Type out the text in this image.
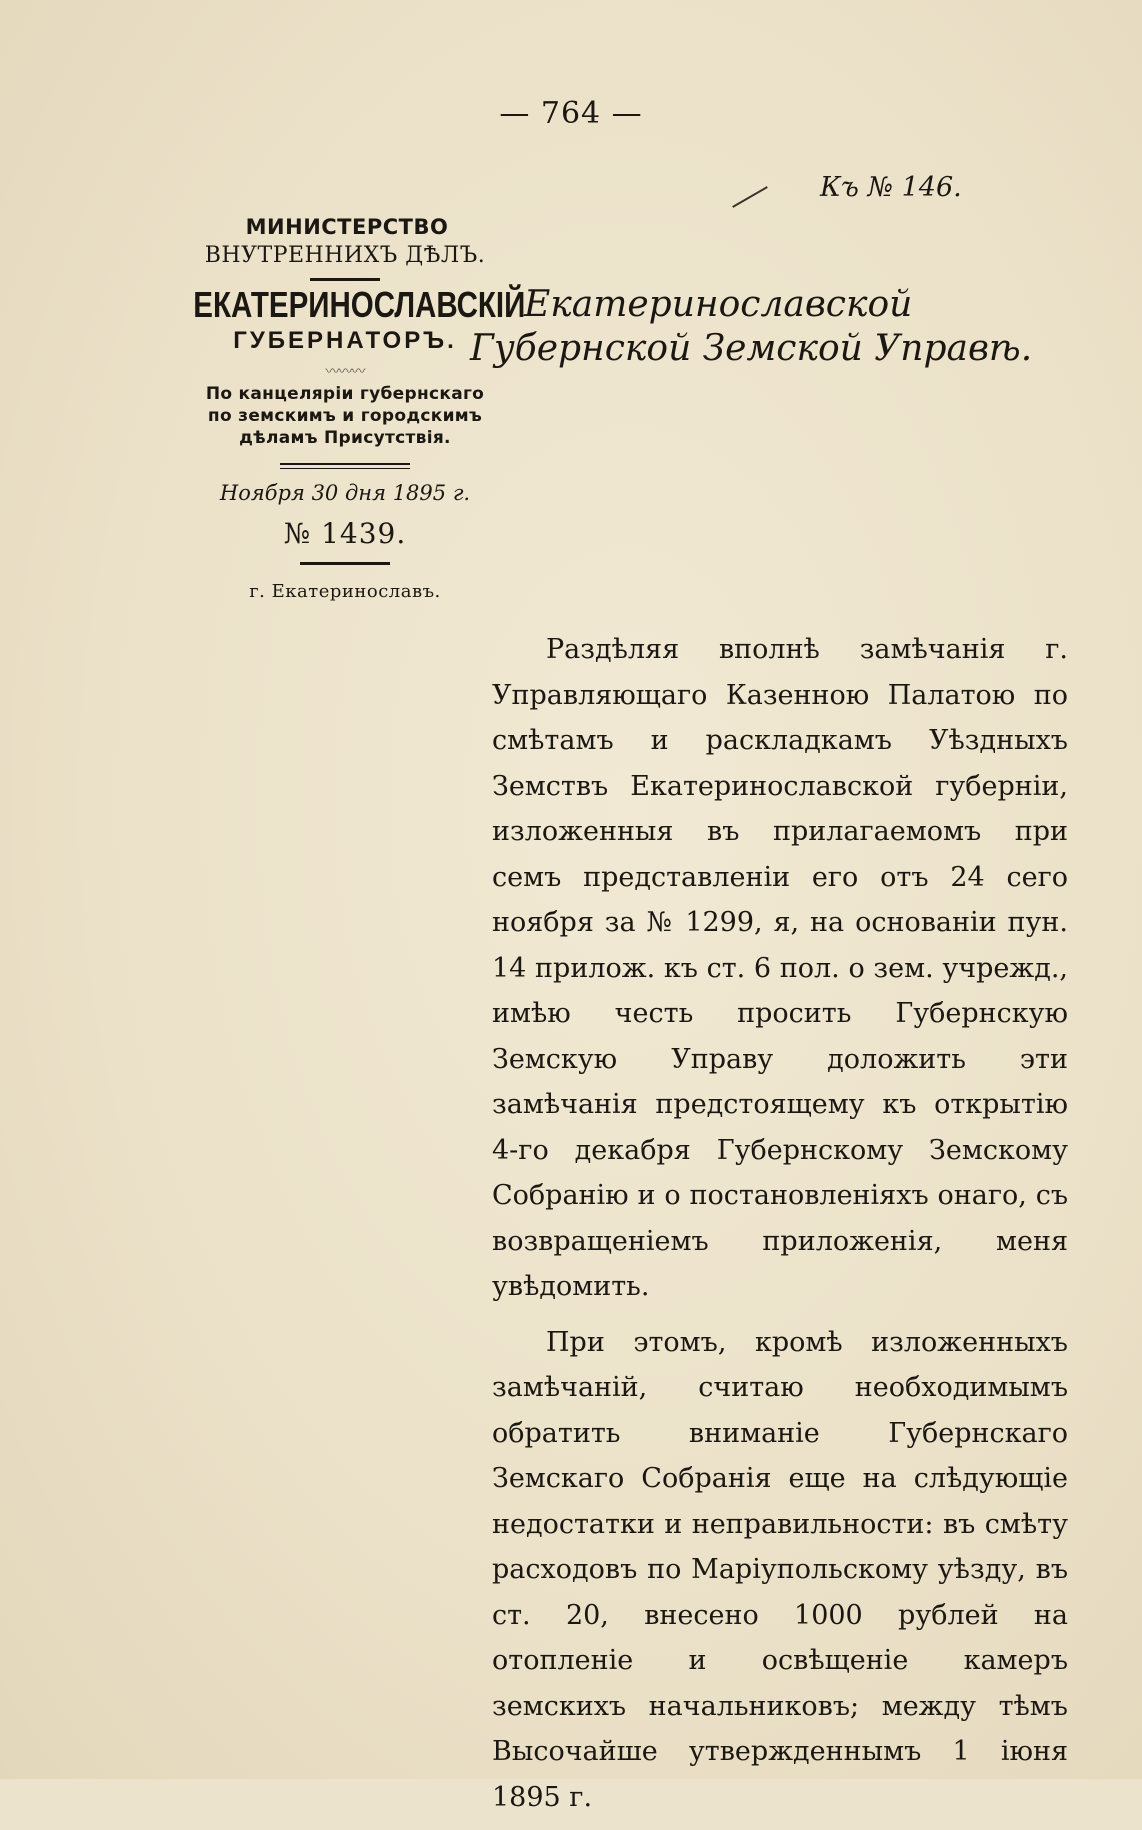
— 764 —
Къ № 146.
МИНИСТЕРСТВО
ВНУТРЕННИХЪ ДѢЛЪ.
ЕКАТЕРИНОСЛАВСКІЙ
ГУБЕРНАТОРЪ.
〰〰〰
По канцеляріи губернскаго
по земскимъ и городскимъ
дѣламъ Присутствія.
Ноября 30 дня 1895 г.
№ 1439.
г. Екатеринославъ.
Екатеринославской Губернской Земской Управѣ.

Раздѣляя вполнѣ замѣчанія г. Управляющаго Казенною Палатою по смѣтамъ и раскладкамъ Уѣздныхъ Земствъ Екатеринославской губерніи, изложенныя въ прилагаемомъ при семъ представленіи его отъ 24 сего ноября за № 1299, я, на основаніи пун. 14 прилож. къ ст. 6 пол. о зем. учрежд., имѣю честь просить Губернскую Земскую Управу доложить эти замѣчанія предстоящему къ открытію 4-го декабря Губернскому Земскому Собранію и о постановленіяхъ онаго, съ возвращеніемъ приложенія, меня увѣдомить.

При этомъ, кромѣ изложенныхъ замѣчаній, считаю необходимымъ обратить вниманіе Губернскаго Земскаго Собранія еще на слѣдующіе недостатки и неправильности: въ смѣту расходовъ по Маріупольскому уѣзду, въ ст. 20, внесено 1000 рублей на отопленіе и освѣщеніе камеръ земскихъ начальниковъ; между тѣмъ Высочайше утвержденнымъ 1 іюня 1895 г.
